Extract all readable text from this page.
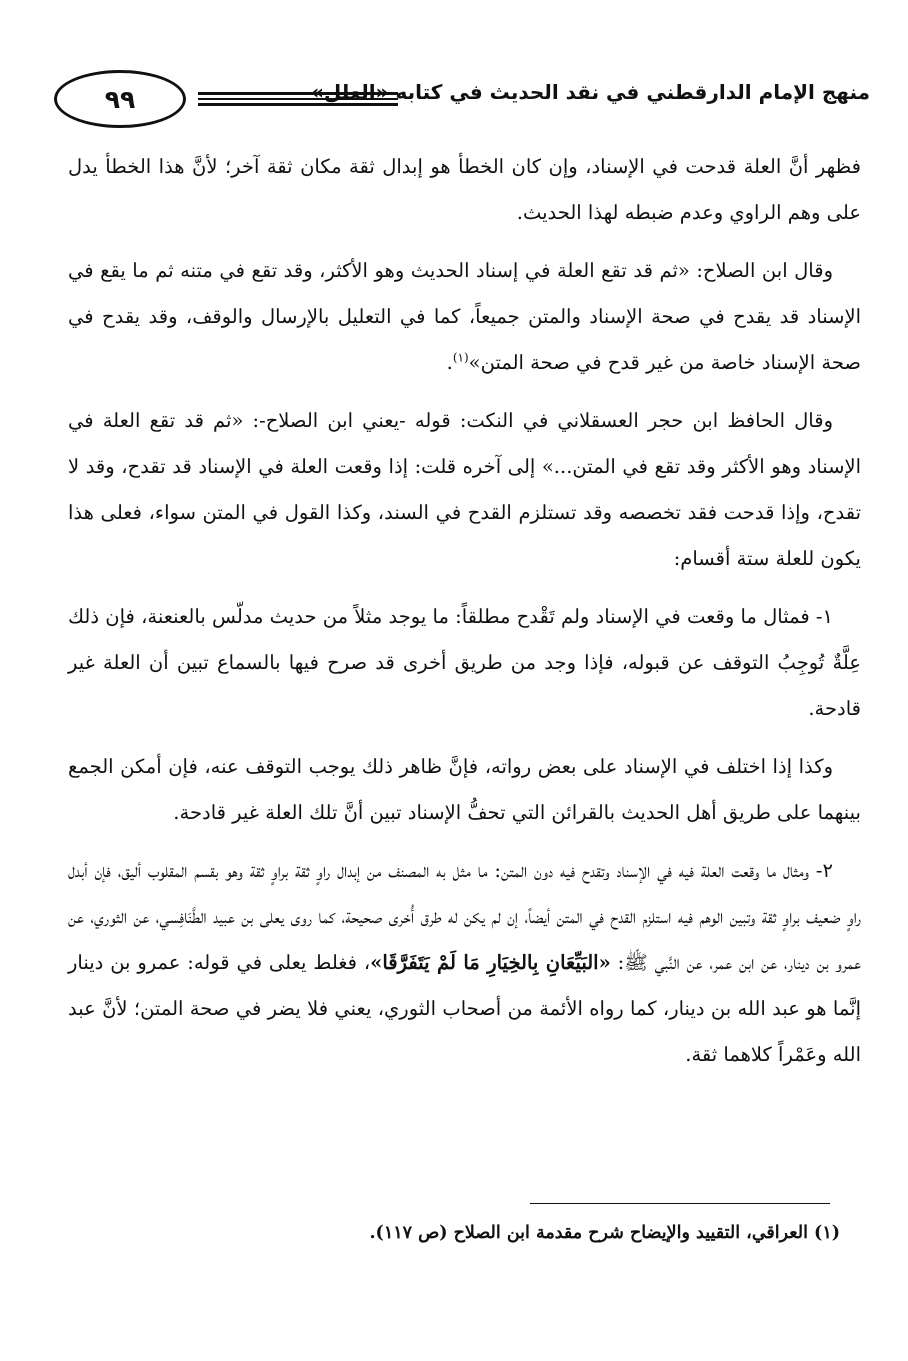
٩٩	منهج الإمام الدارقطني في نقد الحديث في كتابه «العلل»

فظهر أنَّ العلة قدحت في الإسناد، وإن كان الخطأ هو إبدال ثقة مكان ثقة آخر؛ لأنَّ هذا الخطأ يدل على وهم الراوي وعدم ضبطه لهذا الحديث.

وقال ابن الصلاح: «ثم قد تقع العلة في إسناد الحديث وهو الأكثر، وقد تقع في متنه ثم ما يقع في الإسناد قد يقدح في صحة الإسناد والمتن جميعاً، كما في التعليل بالإرسال والوقف، وقد يقدح في صحة الإسناد خاصة من غير قدح في صحة المتن»$^{(١)}$.

وقال الحافظ ابن حجر العسقلاني في النكت: قوله -يعني ابن الصلاح-: «ثم قد تقع العلة في الإسناد وهو الأكثر وقد تقع في المتن...» إلى آخره قلت: إذا وقعت العلة في الإسناد قد تقدح، وقد لا تقدح، وإذا قدحت فقد تخصصه وقد تستلزم القدح في السند، وكذا القول في المتن سواء، فعلى هذا يكون للعلة ستة أقسام:

١- فمثال ما وقعت في الإسناد ولم تَقْدح مطلقاً: ما يوجد مثلاً من حديث مدلّس بالعنعنة، فإن ذلك عِلَّةٌ تُوجِبُ التوقف عن قبوله، فإذا وجد من طريق أخرى قد صرح فيها بالسماع تبين أن العلة غير قادحة.

وكذا إذا اختلف في الإسناد على بعض رواته، فإنَّ ظاهر ذلك يوجب التوقف عنه، فإن أمكن الجمع بينهما على طريق أهل الحديث بالقرائن التي تحفُّ الإسناد تبين أنَّ تلك العلة غير قادحة.

٢- ومثال ما وقعت العلة فيه في الإسناد وتقدح فيه دون المتن: ما مثل به المصنف من إبدال راوٍ ثقة براوٍ ثقة وهو بقسم المقلوب أليق، فإن أبدل راوٍ ضعيف براوٍ ثقة وتبين الوهم فيه استلزم القدح في المتن أيضاً، إن لم يكن له طرق أُخرى صحيحة، كما روى يعلى بن عبيد الطَّنَافِسي، عن الثوري، عن عمرو بن دينار، عن ابن عمر، عن النَّبي ﷺ: «البَيِّعَانِ بِالخِيَارِ مَا لَمْ يَتَفَرَّقَا»، فغلط يعلى في قوله: عمرو بن دينار إنَّما هو عبد الله بن دينار، كما رواه الأئمة من أصحاب الثوري، يعني فلا يضر في صحة المتن؛ لأنَّ عبد الله وعَمْراً كلاهما ثقة.

(١) العراقي، التقييد والإيضاح شرح مقدمة ابن الصلاح (ص ١١٧).
